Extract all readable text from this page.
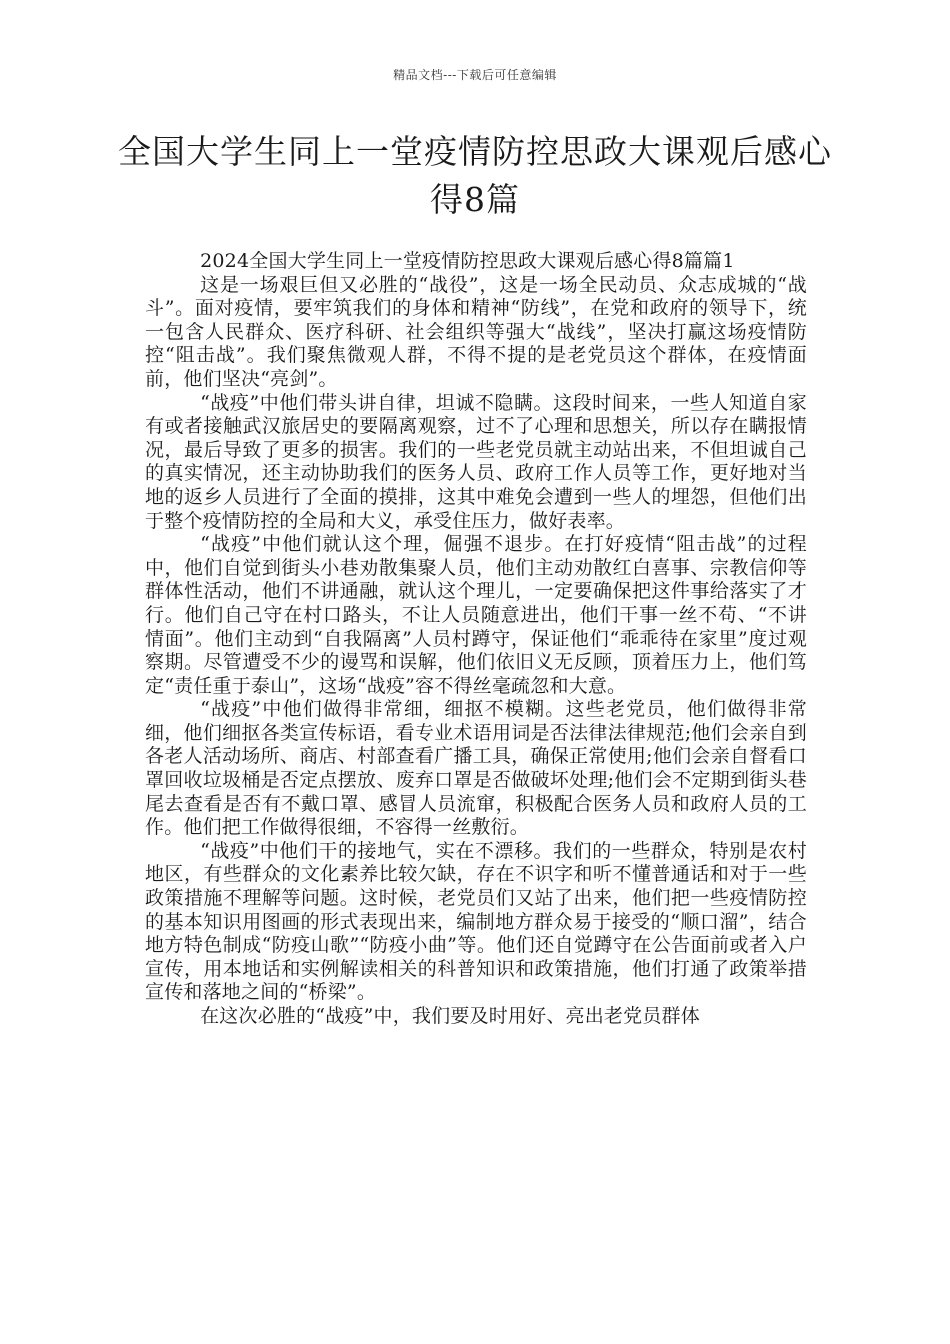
精品文档---下载后可任意编辑
全国大学生同上一堂疫情防控思政大课观后感心得8篇

2024全国大学生同上一堂疫情防控思政大课观后感心得8篇篇1

这是一场艰巨但又必胜的“战役”，这是一场全民动员、众志成城的“战斗”。面对疫情，要牢筑我们的身体和精神“防线”，在党和政府的领导下，统一包含人民群众、医疗科研、社会组织等强大“战线”，坚决打赢这场疫情防控“阻击战”。我们聚焦微观人群，不得不提的是老党员这个群体，在疫情面前，他们坚决“亮剑”。

“战疫”中他们带头讲自律，坦诚不隐瞒。这段时间来，一些人知道自家有或者接触武汉旅居史的要隔离观察，过不了心理和思想关，所以存在瞒报情况，最后导致了更多的损害。我们的一些老党员就主动站出来，不但坦诚自己的真实情况，还主动协助我们的医务人员、政府工作人员等工作，更好地对当地的返乡人员进行了全面的摸排，这其中难免会遭到一些人的埋怨，但他们出于整个疫情防控的全局和大义，承受住压力，做好表率。

“战疫”中他们就认这个理，倔强不退步。在打好疫情“阻击战”的过程中，他们自觉到街头小巷劝散集聚人员，他们主动劝散红白喜事、宗教信仰等群体性活动，他们不讲通融，就认这个理儿，一定要确保把这件事给落实了才行。他们自己守在村口路头，不让人员随意进出，他们干事一丝不苟、“不讲情面”。他们主动到“自我隔离”人员村蹲守，保证他们“乖乖待在家里”度过观察期。尽管遭受不少的谩骂和误解，他们依旧义无反顾，顶着压力上，他们笃定“责任重于泰山”，这场“战疫”容不得丝毫疏忽和大意。

“战疫”中他们做得非常细，细抠不模糊。这些老党员，他们做得非常细，他们细抠各类宣传标语，看专业术语用词是否法律法律规范;他们会亲自到各老人活动场所、商店、村部查看广播工具，确保正常使用;他们会亲自督看口罩回收垃圾桶是否定点摆放、废弃口罩是否做破坏处理;他们会不定期到街头巷尾去查看是否有不戴口罩、感冒人员流窜，积极配合医务人员和政府人员的工作。他们把工作做得很细，不容得一丝敷衍。

“战疫”中他们干的接地气，实在不漂移。我们的一些群众，特别是农村地区，有些群众的文化素养比较欠缺，存在不识字和听不懂普通话和对于一些政策措施不理解等问题。这时候，老党员们又站了出来，他们把一些疫情防控的基本知识用图画的形式表现出来，编制地方群众易于接受的“顺口溜”，结合地方特色制成“防疫山歌”“防疫小曲”等。他们还自觉蹲守在公告面前或者入户宣传，用本地话和实例解读相关的科普知识和政策措施，他们打通了政策举措宣传和落地之间的“桥梁”。

在这次必胜的“战疫”中，我们要及时用好、亮出老党员群体
